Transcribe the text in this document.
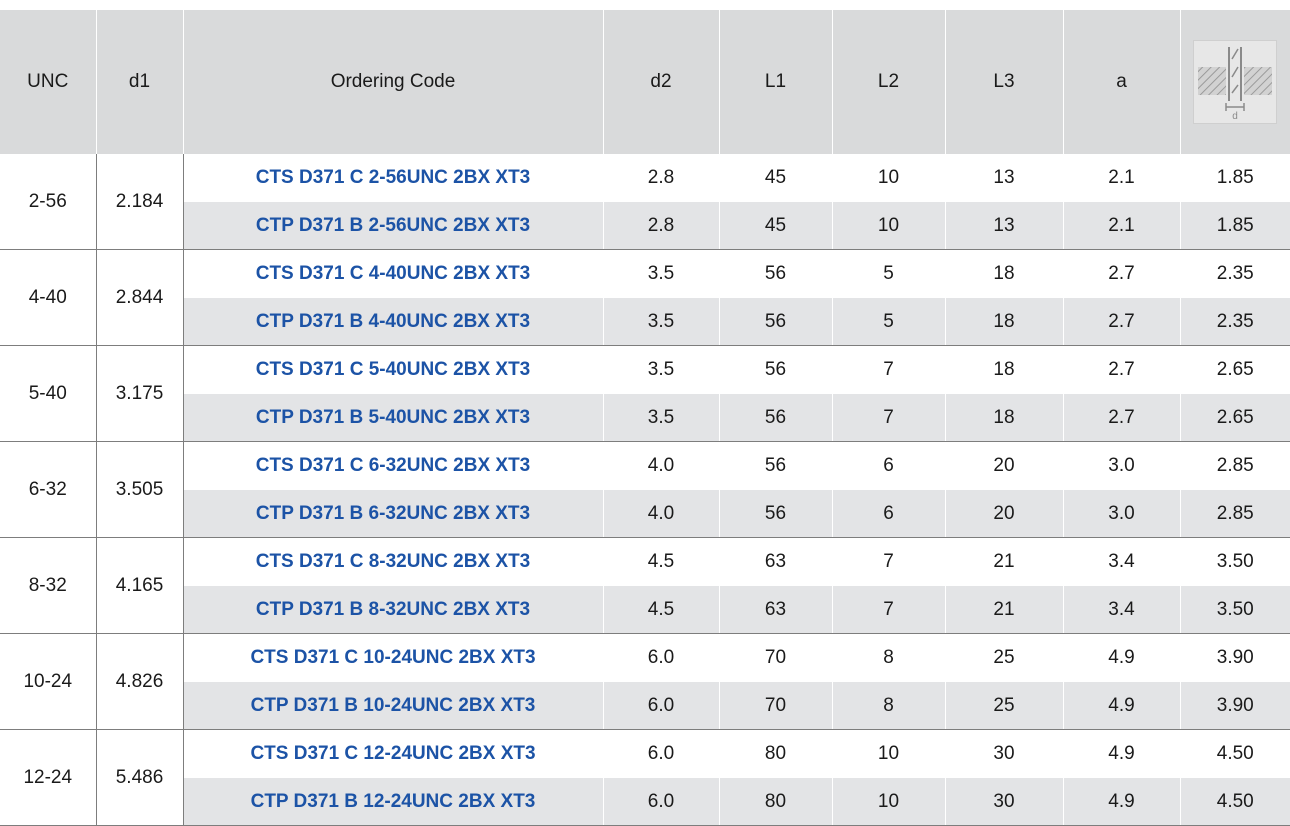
UNC	d1	Ordering Code	d2	L1	L2	L3	a	d

2-56	2.184	CTS D371 C 2-56UNC 2BX XT3	2.8	45	10	13	2.1	1.85
		CTP D371 B 2-56UNC 2BX XT3	2.8	45	10	13	2.1	1.85
4-40	2.844	CTS D371 C 4-40UNC 2BX XT3	3.5	56	5	18	2.7	2.35
		CTP D371 B 4-40UNC 2BX XT3	3.5	56	5	18	2.7	2.35
5-40	3.175	CTS D371 C 5-40UNC 2BX XT3	3.5	56	7	18	2.7	2.65
		CTP D371 B 5-40UNC 2BX XT3	3.5	56	7	18	2.7	2.65
6-32	3.505	CTS D371 C 6-32UNC 2BX XT3	4.0	56	6	20	3.0	2.85
		CTP D371 B 6-32UNC 2BX XT3	4.0	56	6	20	3.0	2.85
8-32	4.165	CTS D371 C 8-32UNC 2BX XT3	4.5	63	7	21	3.4	3.50
		CTP D371 B 8-32UNC 2BX XT3	4.5	63	7	21	3.4	3.50
10-24	4.826	CTS D371 C 10-24UNC 2BX XT3	6.0	70	8	25	4.9	3.90
		CTP D371 B 10-24UNC 2BX XT3	6.0	70	8	25	4.9	3.90
12-24	5.486	CTS D371 C 12-24UNC 2BX XT3	6.0	80	10	30	4.9	4.50
		CTP D371 B 12-24UNC 2BX XT3	6.0	80	10	30	4.9	4.50
